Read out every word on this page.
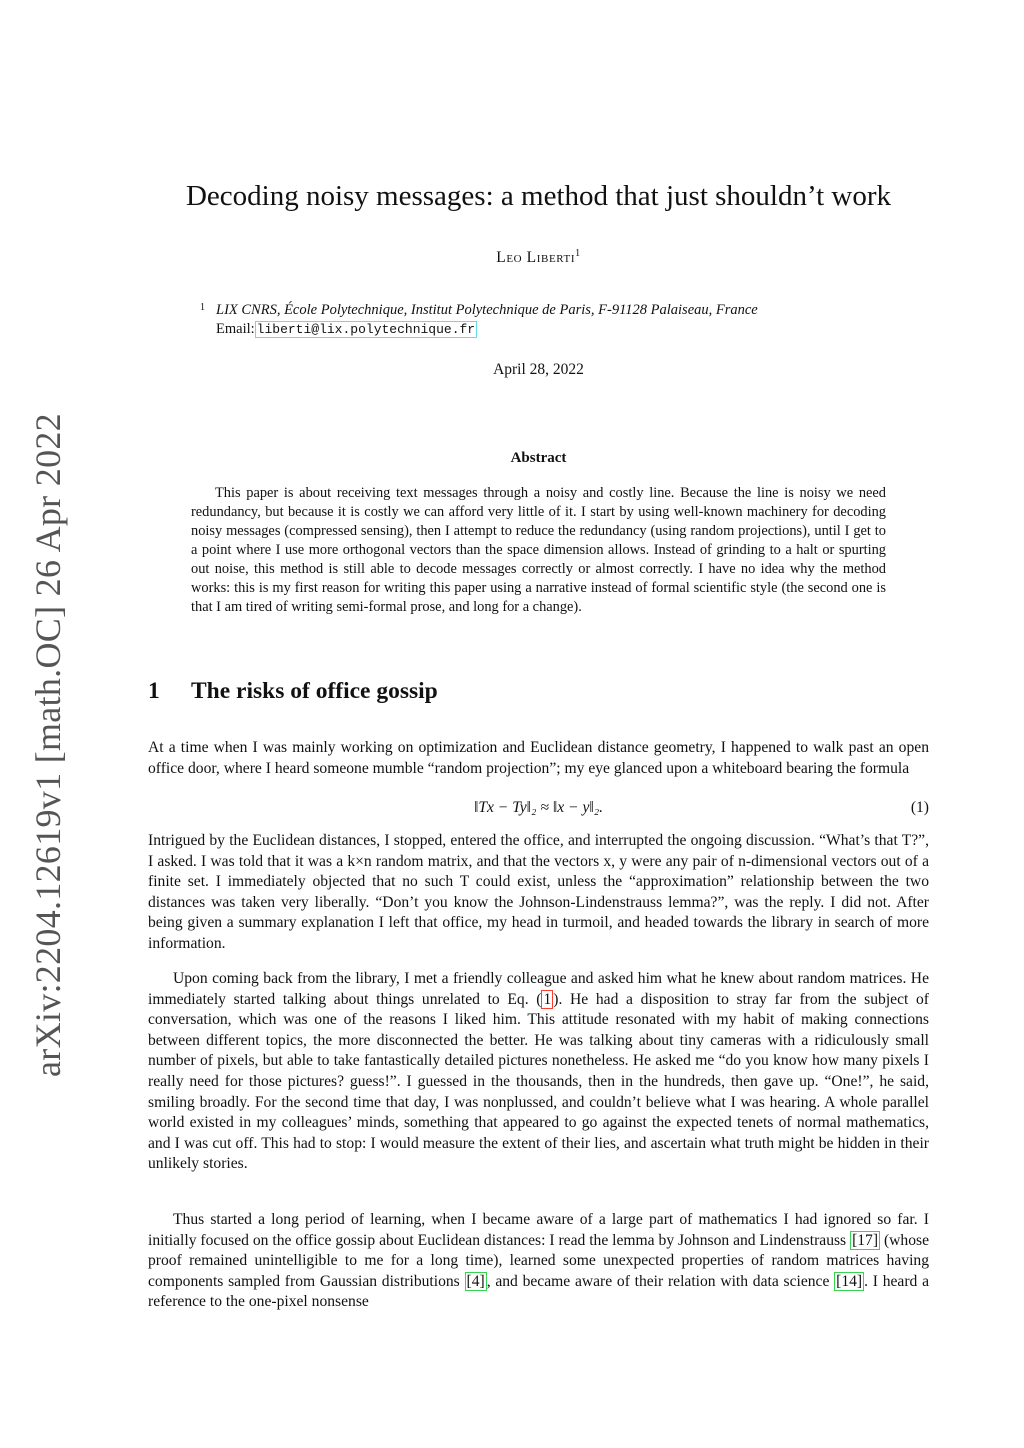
arXiv:2204.12619v1 [math.OC] 26 Apr 2022
Decoding noisy messages: a method that just shouldn’t work
Leo Liberti$^1$
1 LIX CNRS, École Polytechnique, Institut Polytechnique de Paris, F-91128 Palaiseau, France
Email: liberti@lix.polytechnique.fr
April 28, 2022
Abstract
This paper is about receiving text messages through a noisy and costly line. Because the line is noisy we need redundancy, but because it is costly we can afford very little of it. I start by using well-known machinery for decoding noisy messages (compressed sensing), then I attempt to reduce the redundancy (using random projections), until I get to a point where I use more orthogonal vectors than the space dimension allows. Instead of grinding to a halt or spurting out noise, this method is still able to decode messages correctly or almost correctly. I have no idea why the method works: this is my first reason for writing this paper using a narrative instead of formal scientific style (the second one is that I am tired of writing semi-formal prose, and long for a change).
1 The risks of office gossip
At a time when I was mainly working on optimization and Euclidean distance geometry, I happened to walk past an open office door, where I heard someone mumble “random projection”; my eye glanced upon a whiteboard bearing the formula
‖Tx − Ty‖₂ ≈ ‖x − y‖₂.	(1)
Intrigued by the Euclidean distances, I stopped, entered the office, and interrupted the ongoing discussion. “What’s that T?”, I asked. I was told that it was a k×n random matrix, and that the vectors x, y were any pair of n-dimensional vectors out of a finite set. I immediately objected that no such T could exist, unless the “approximation” relationship between the two distances was taken very liberally. “Don’t you know the Johnson-Lindenstrauss lemma?”, was the reply. I did not. After being given a summary explanation I left that office, my head in turmoil, and headed towards the library in search of more information.
Upon coming back from the library, I met a friendly colleague and asked him what he knew about random matrices. He immediately started talking about things unrelated to Eq. ( 1 ). He had a disposition to stray far from the subject of conversation, which was one of the reasons I liked him. This attitude resonated with my habit of making connections between different topics, the more disconnected the better. He was talking about tiny cameras with a ridiculously small number of pixels, but able to take fantastically detailed pictures nonetheless. He asked me “do you know how many pixels I really need for those pictures? guess!”. I guessed in the thousands, then in the hundreds, then gave up. “One!”, he said, smiling broadly. For the second time that day, I was nonplussed, and couldn’t believe what I was hearing. A whole parallel world existed in my colleagues’ minds, something that appeared to go against the expected tenets of normal mathematics, and I was cut off. This had to stop: I would measure the extent of their lies, and ascertain what truth might be hidden in their unlikely stories.
Thus started a long period of learning, when I became aware of a large part of mathematics I had ignored so far. I initially focused on the office gossip about Euclidean distances: I read the lemma by Johnson and Lindenstrauss [17] (whose proof remained unintelligible to me for a long time), learned some unexpected properties of random matrices having components sampled from Gaussian distributions [4] , and became aware of their relation with data science [14] . I heard a reference to the one-pixel nonsense
